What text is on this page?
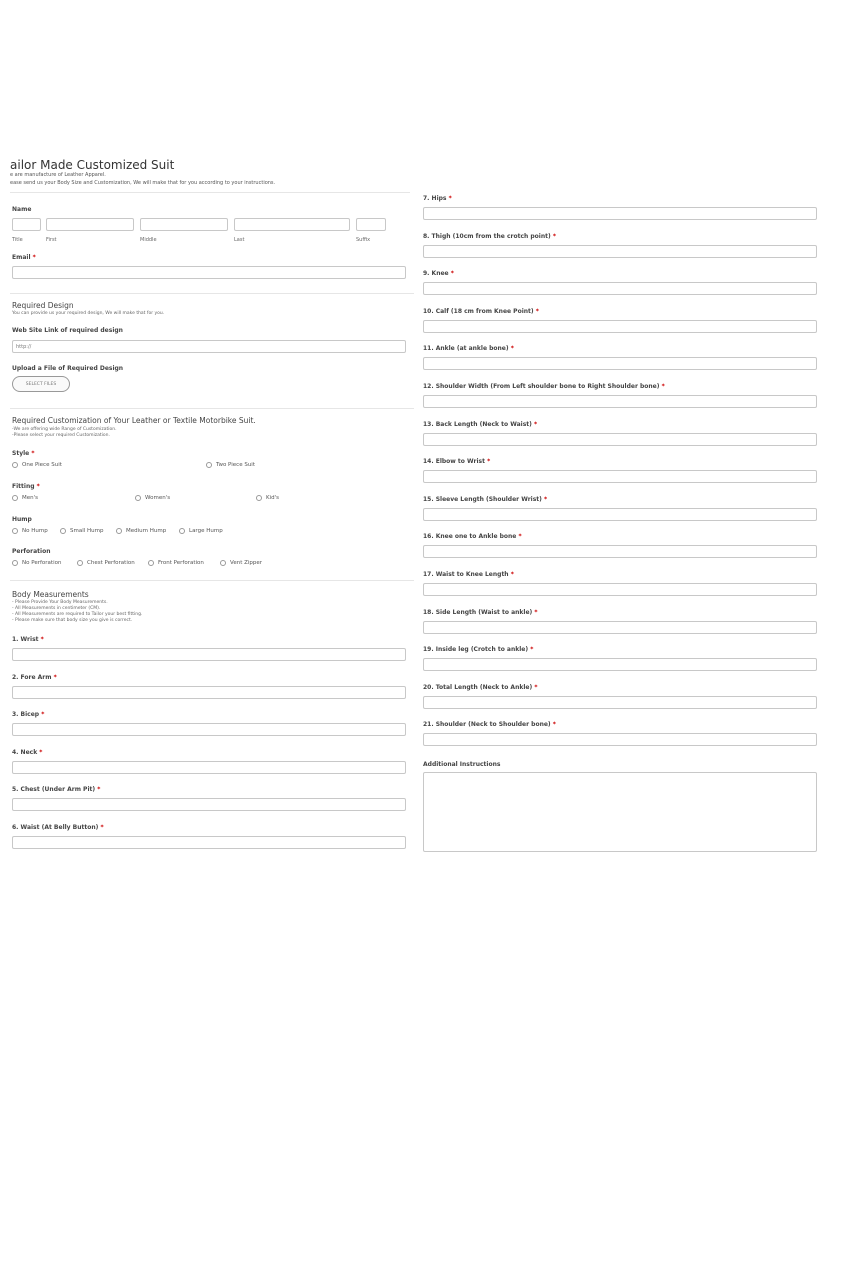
ailor Made Customized Suit
e are manufacture of Leather Apparel.
ease send us your Body Size and Customization, We will make that for you according to your instructions.
Name
Title	First	Middle	Last	Suffix
Email *
Required Design
You can provide us your required design, We will make that for you.
Web Site Link of required design
http://
Upload a File of Required Design
SELECT FILES
Required Customization of Your Leather or Textile Motorbike Suit.
-We are offering wide Range of Customization.
-Please select your required Customization.
Style *
One Piece Suit	Two Piece Suit
Fitting *
Men's	Women's	Kid's
Hump
No Hump	Small Hump	Medium Hump	Large Hump
Perforation
No Perforation	Chest Perforation	Front Perforation	Vent Zipper
Body Measurements
- Please Provide Your Body Measurements.
- All Measurements in centimeter (CM).
- All Measurements are required to Tailor your best fitting.
- Please make sure that body size you give is correct.
1. Wrist *
2. Fore Arm *
3. Bicep *
4. Neck *
5. Chest (Under Arm Pit) *
6. Waist (At Belly Button) *
7. Hips *
8. Thigh (10cm from the crotch point) *
9. Knee *
10. Calf (18 cm from Knee Point) *
11. Ankle (at ankle bone) *
12. Shoulder Width (From Left shoulder bone to Right Shoulder bone) *
13. Back Length (Neck to Waist) *
14. Elbow to Wrist *
15. Sleeve Length (Shoulder Wrist) *
16. Knee one to Ankle bone *
17. Waist to Knee Length *
18. Side Length (Waist to ankle) *
19. Inside leg (Crotch to ankle) *
20. Total Length (Neck to Ankle) *
21. Shoulder (Neck to Shoulder bone) *
Additional Instructions
